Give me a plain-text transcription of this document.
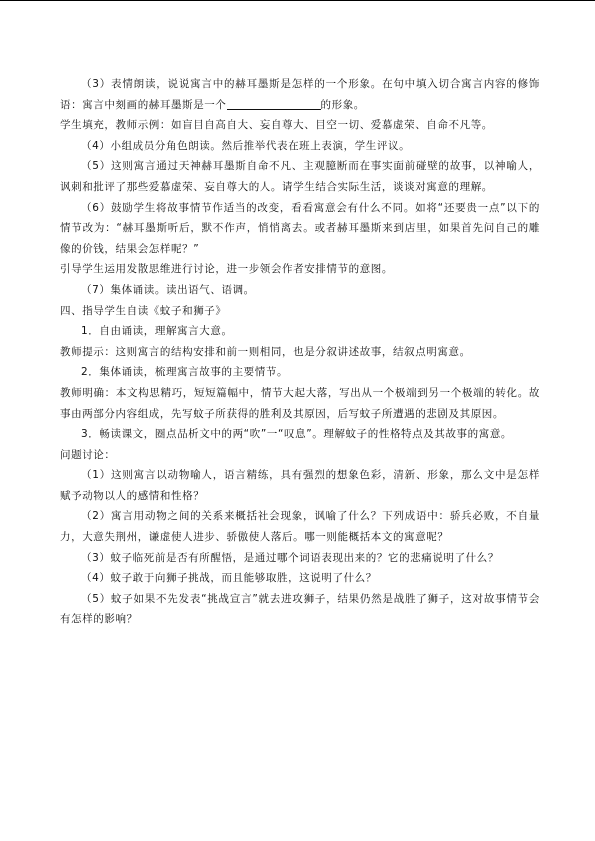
（3）表情朗读，说说寓言中的赫耳墨斯是怎样的一个形象。在句中填入切合寓言内容的修饰语：寓言中刻画的赫耳墨斯是一个	的形象。

学生填充，教师示例：如盲目自高自大、妄自尊大、目空一切、爱慕虚荣、自命不凡等。

（4）小组成员分角色朗读。然后推举代表在班上表演，学生评议。

（5）这则寓言通过天神赫耳墨斯自命不凡、主观臆断而在事实面前碰壁的故事，以神喻人，讽刺和批评了那些爱慕虚荣、妄自尊大的人。请学生结合实际生活，谈谈对寓意的理解。

（6）鼓励学生将故事情节作适当的改变，看看寓意会有什么不同。如将“还要贵一点”以下的情节改为：“赫耳墨斯听后，默不作声，悄悄离去。或者赫耳墨斯来到店里，如果首先问自己的雕像的价钱，结果会怎样呢？”

引导学生运用发散思维进行讨论，进一步领会作者安排情节的意图。

（7）集体诵读。读出语气、语调。

四、指导学生自读《蚊子和狮子》

1．自由诵读，理解寓言大意。

教师提示：这则寓言的结构安排和前一则相同，也是分叙讲述故事，结叙点明寓意。

2．集体诵读，梳理寓言故事的主要情节。

教师明确：本文构思精巧，短短篇幅中，情节大起大落，写出从一个极端到另一个极端的转化。故事由两部分内容组成，先写蚊子所获得的胜利及其原因，后写蚊子所遭遇的悲剧及其原因。

3．畅读课文，圈点品析文中的两“吹”一“叹息”。理解蚊子的性格特点及其故事的寓意。

问题讨论：

（1）这则寓言以动物喻人，语言精练，具有强烈的想象色彩，清新、形象，那么文中是怎样赋予动物以人的感情和性格？

（2）寓言用动物之间的关系来概括社会现象，讽喻了什么？下列成语中：骄兵必败，不自量力，大意失荆州，谦虚使人进步、骄傲使人落后。哪一则能概括本文的寓意呢？

（3）蚊子临死前是否有所醒悟，是通过哪个词语表现出来的？它的悲痛说明了什么？

（4）蚊子敢于向狮子挑战，而且能够取胜，这说明了什么？

（5）蚊子如果不先发表“挑战宣言”就去进攻狮子，结果仍然是战胜了狮子，这对故事情节会有怎样的影响？
